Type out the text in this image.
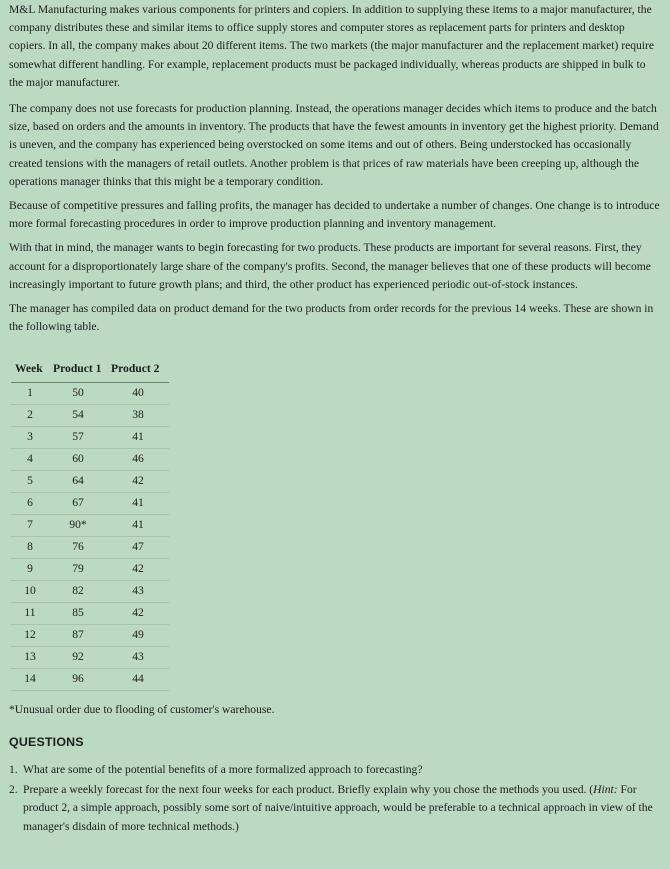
M&L Manufacturing makes various components for printers and copiers. In addition to supplying these items to a major manufacturer, the company distributes these and similar items to office supply stores and computer stores as replacement parts for printers and desktop copiers. In all, the company makes about 20 different items. The two markets (the major manufacturer and the replacement market) require somewhat different handling. For example, replacement products must be packaged individually, whereas products are shipped in bulk to the major manufacturer.

The company does not use forecasts for production planning. Instead, the operations manager decides which items to produce and the batch size, based on orders and the amounts in inventory. The products that have the fewest amounts in inventory get the highest priority. Demand is uneven, and the company has experienced being overstocked on some items and out of others. Being understocked has occasionally created tensions with the managers of retail outlets. Another problem is that prices of raw materials have been creeping up, although the operations manager thinks that this might be a temporary condition.

Because of competitive pressures and falling profits, the manager has decided to undertake a number of changes. One change is to introduce more formal forecasting procedures in order to improve production planning and inventory management.

With that in mind, the manager wants to begin forecasting for two products. These products are important for several reasons. First, they account for a disproportionately large share of the company's profits. Second, the manager believes that one of these products will become increasingly important to future growth plans; and third, the other product has experienced periodic out-of-stock instances.

The manager has compiled data on product demand for the two products from order records for the previous 14 weeks. These are shown in the following table.

Week	Product 1	Product 2
1	50	40
2	54	38
3	57	41
4	60	46
5	64	42
6	67	41
7	90*	41
8	76	47
9	79	42
10	82	43
11	85	42
12	87	49
13	92	43
14	96	44
*Unusual order due to flooding of customer's warehouse.
QUESTIONS
1. What are some of the potential benefits of a more formalized approach to forecasting?
2. Prepare a weekly forecast for the next four weeks for each product. Briefly explain why you chose the methods you used. (Hint: For product 2, a simple approach, possibly some sort of naive/intuitive approach, would be preferable to a technical approach in view of the manager's disdain of more technical methods.)
